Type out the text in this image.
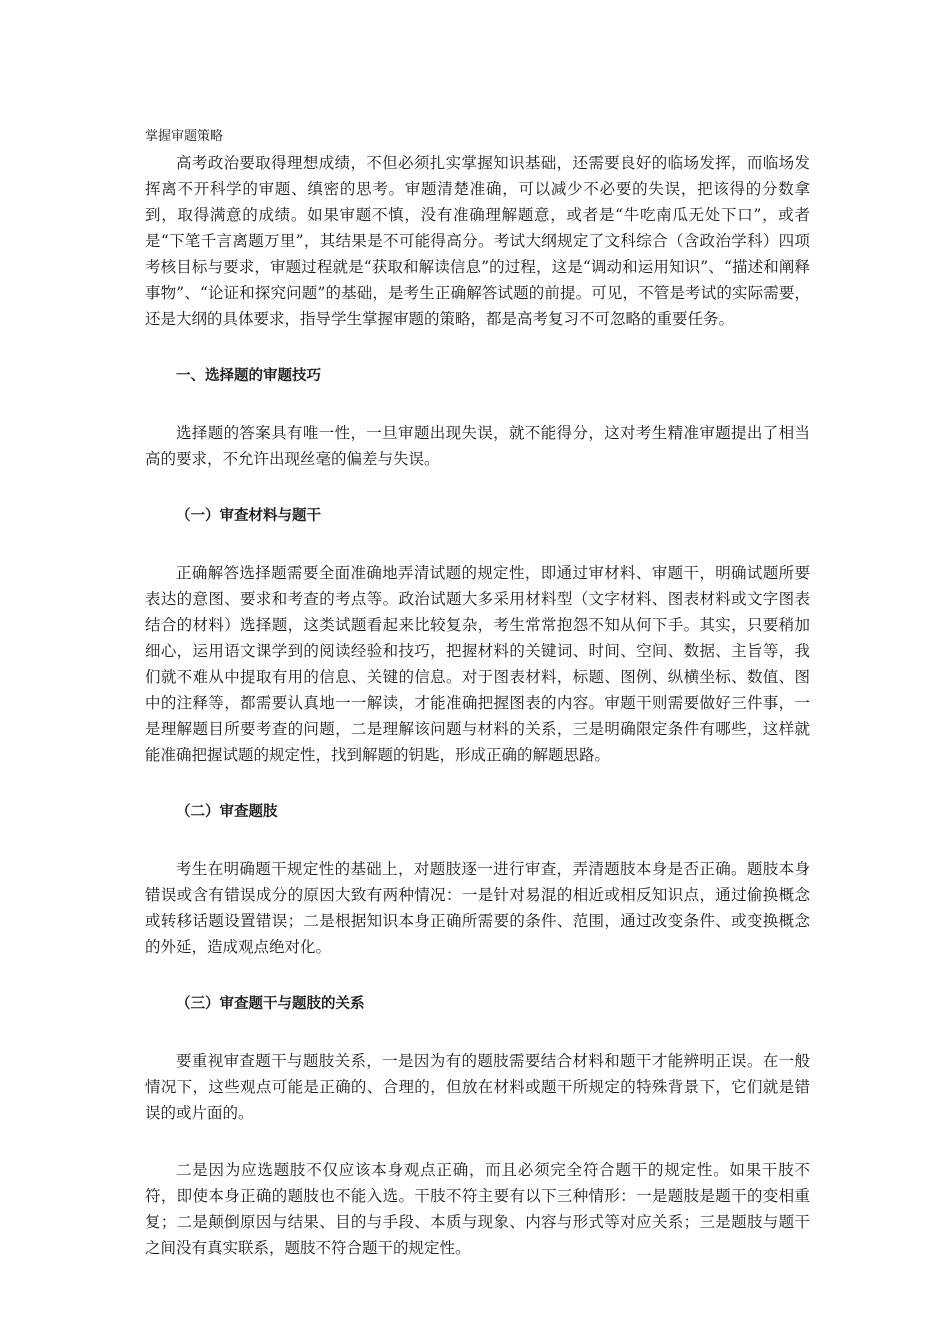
掌握审题策略

高考政治要取得理想成绩，不但必须扎实掌握知识基础，还需要良好的临场发挥，而临场发挥离不开科学的审题、缜密的思考。审题清楚准确，可以减少不必要的失误，把该得的分数拿到，取得满意的成绩。如果审题不慎，没有准确理解题意，或者是“牛吃南瓜无处下口”，或者是“下笔千言离题万里”，其结果是不可能得高分。考试大纲规定了文科综合（含政治学科）四项考核目标与要求，审题过程就是“获取和解读信息”的过程，这是“调动和运用知识”、“描述和阐释事物”、“论证和探究问题”的基础，是考生正确解答试题的前提。可见，不管是考试的实际需要，还是大纲的具体要求，指导学生掌握审题的策略，都是高考复习不可忽略的重要任务。

一、选择题的审题技巧

选择题的答案具有唯一性，一旦审题出现失误，就不能得分，这对考生精准审题提出了相当高的要求，不允许出现丝毫的偏差与失误。

（一）审查材料与题干

正确解答选择题需要全面准确地弄清试题的规定性，即通过审材料、审题干，明确试题所要表达的意图、要求和考查的考点等。政治试题大多采用材料型（文字材料、图表材料或文字图表结合的材料）选择题，这类试题看起来比较复杂，考生常常抱怨不知从何下手。其实，只要稍加细心，运用语文课学到的阅读经验和技巧，把握材料的关键词、时间、空间、数据、主旨等，我们就不难从中提取有用的信息、关键的信息。对于图表材料，标题、图例、纵横坐标、数值、图中的注释等，都需要认真地一一解读，才能准确把握图表的内容。审题干则需要做好三件事，一是理解题目所要考查的问题，二是理解该问题与材料的关系，三是明确限定条件有哪些，这样就能准确把握试题的规定性，找到解题的钥匙，形成正确的解题思路。

（二）审查题肢

考生在明确题干规定性的基础上，对题肢逐一进行审查，弄清题肢本身是否正确。题肢本身错误或含有错误成分的原因大致有两种情况：一是针对易混的相近或相反知识点，通过偷换概念或转移话题设置错误；二是根据知识本身正确所需要的条件、范围，通过改变条件、或变换概念的外延，造成观点绝对化。

（三）审查题干与题肢的关系

要重视审查题干与题肢关系，一是因为有的题肢需要结合材料和题干才能辨明正误。在一般情况下，这些观点可能是正确的、合理的，但放在材料或题干所规定的特殊背景下，它们就是错误的或片面的。

二是因为应选题肢不仅应该本身观点正确，而且必须完全符合题干的规定性。如果干肢不符，即使本身正确的题肢也不能入选。干肢不符主要有以下三种情形：一是题肢是题干的变相重复；二是颠倒原因与结果、目的与手段、本质与现象、内容与形式等对应关系；三是题肢与题干之间没有真实联系，题肢不符合题干的规定性。
